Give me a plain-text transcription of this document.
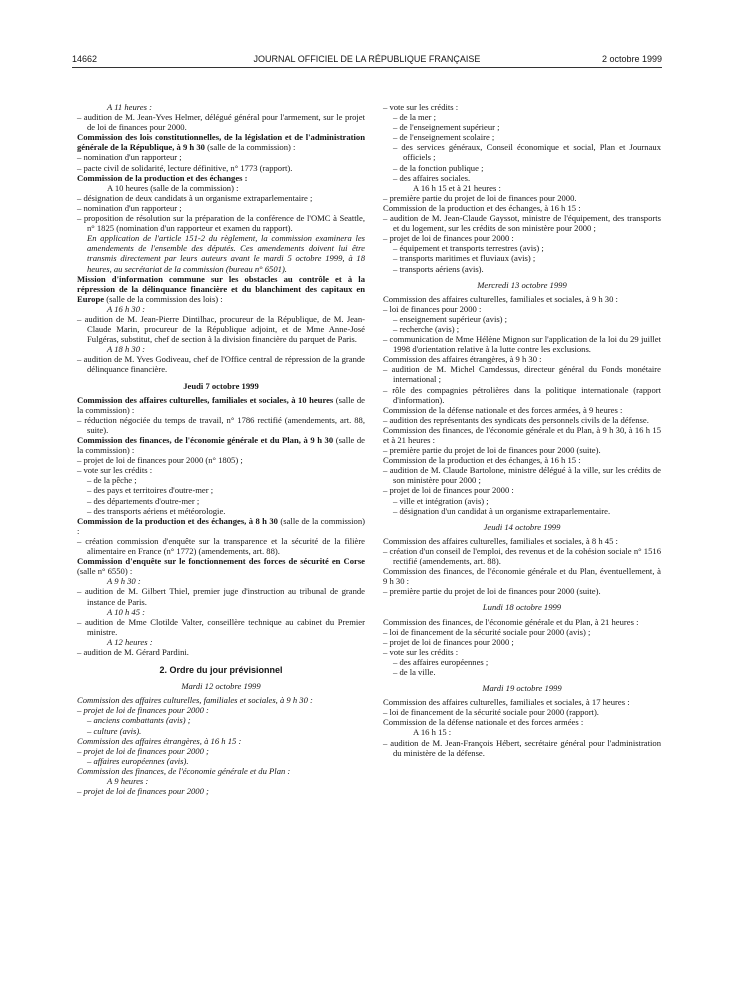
14662	JOURNAL OFFICIEL DE LA RÉPUBLIQUE FRANÇAISE	2 octobre 1999

A 11 heures :

– audition de M. Jean-Yves Helmer, délégué général pour l'armement, sur le projet de loi de finances pour 2000.

Commission des lois constitutionnelles, de la législation et de l'administration générale de la République, à 9 h 30 (salle de la commission) :

– nomination d'un rapporteur ;

– pacte civil de solidarité, lecture définitive, n° 1773 (rapport).

Commission de la production et des échanges :

A 10 heures (salle de la commission) :

– désignation de deux candidats à un organisme extraparlementaire ;

– nomination d'un rapporteur ;

– proposition de résolution sur la préparation de la conférence de l'OMC à Seattle, n° 1825 (nomination d'un rapporteur et examen du rapport).

En application de l'article 151-2 du règlement, la commission examinera les amendements de l'ensemble des députés. Ces amendements doivent lui être transmis directement par leurs auteurs avant le mardi 5 octobre 1999, à 18 heures, au secrétariat de la commission (bureau n° 6501).

Mission d'information commune sur les obstacles au contrôle et à la répression de la délinquance financière et du blanchiment des capitaux en Europe (salle de la commission des lois) :

A 16 h 30 :

– audition de M. Jean-Pierre Dintilhac, procureur de la République, de M. Jean-Claude Marin, procureur de la République adjoint, et de Mme Anne-José Fulgéras, substitut, chef de section à la division financière du parquet de Paris.

A 18 h 30 :

– audition de M. Yves Godiveau, chef de l'Office central de répression de la grande délinquance financière.

Jeudi 7 octobre 1999

Commission des affaires culturelles, familiales et sociales, à 10 heures (salle de la commission) :

– réduction négociée du temps de travail, n° 1786 rectifié (amendements, art. 88, suite).

Commission des finances, de l'économie générale et du Plan, à 9 h 30 (salle de la commission) :

– projet de loi de finances pour 2000 (n° 1805) ;

– vote sur les crédits :

– de la pêche ;

– des pays et territoires d'outre-mer ;

– des départements d'outre-mer ;

– des transports aériens et météorologie.

Commission de la production et des échanges, à 8 h 30 (salle de la commission) :

– création commission d'enquête sur la transparence et la sécurité de la filière alimentaire en France (n° 1772) (amendements, art. 88).

Commission d'enquête sur le fonctionnement des forces de sécurité en Corse (salle n° 6550) :

A 9 h 30 :

– audition de M. Gilbert Thiel, premier juge d'instruction au tribunal de grande instance de Paris.

A 10 h 45 :

– audition de Mme Clotilde Valter, conseillère technique au cabinet du Premier ministre.

A 12 heures :

– audition de M. Gérard Pardini.

2. Ordre du jour prévisionnel

Mardi 12 octobre 1999

Commission des affaires culturelles, familiales et sociales, à 9 h 30 :

– projet de loi de finances pour 2000 :

– anciens combattants (avis) ;

– culture (avis).

Commission des affaires étrangères, à 16 h 15 :

– projet de loi de finances pour 2000 ;

– affaires européennes (avis).

Commission des finances, de l'économie générale et du Plan :

A 9 heures :

– projet de loi de finances pour 2000 ;

– vote sur les crédits :

– de la mer ;

– de l'enseignement supérieur ;

– de l'enseignement scolaire ;

– des services généraux, Conseil économique et social, Plan et Journaux officiels ;

– de la fonction publique ;

– des affaires sociales.

A 16 h 15 et à 21 heures :

– première partie du projet de loi de finances pour 2000.

Commission de la production et des échanges, à 16 h 15 :

– audition de M. Jean-Claude Gayssot, ministre de l'équipement, des transports et du logement, sur les crédits de son ministère pour 2000 ;

– projet de loi de finances pour 2000 :

– équipement et transports terrestres (avis) ;

– transports maritimes et fluviaux (avis) ;

– transports aériens (avis).

Mercredi 13 octobre 1999

Commission des affaires culturelles, familiales et sociales, à 9 h 30 :

– loi de finances pour 2000 :

– enseignement supérieur (avis) ;

– recherche (avis) ;

– communication de Mme Hélène Mignon sur l'application de la loi du 29 juillet 1998 d'orientation relative à la lutte contre les exclusions.

Commission des affaires étrangères, à 9 h 30 :

– audition de M. Michel Camdessus, directeur général du Fonds monétaire international ;

– rôle des compagnies pétrolières dans la politique internationale (rapport d'information).

Commission de la défense nationale et des forces armées, à 9 heures :

– audition des représentants des syndicats des personnels civils de la défense.

Commission des finances, de l'économie générale et du Plan, à 9 h 30, à 16 h 15 et à 21 heures :

– première partie du projet de loi de finances pour 2000 (suite).

Commission de la production et des échanges, à 16 h 15 :

– audition de M. Claude Bartolone, ministre délégué à la ville, sur les crédits de son ministère pour 2000 ;

– projet de loi de finances pour 2000 :

– ville et intégration (avis) ;

– désignation d'un candidat à un organisme extraparlementaire.

Jeudi 14 octobre 1999

Commission des affaires culturelles, familiales et sociales, à 8 h 45 :

– création d'un conseil de l'emploi, des revenus et de la cohésion sociale n° 1516 rectifié (amendements, art. 88).

Commission des finances, de l'économie générale et du Plan, éventuellement, à 9 h 30 :

– première partie du projet de loi de finances pour 2000 (suite).

Lundi 18 octobre 1999

Commission des finances, de l'économie générale et du Plan, à 21 heures :

– loi de financement de la sécurité sociale pour 2000 (avis) ;

– projet de loi de finances pour 2000 ;

– vote sur les crédits :

– des affaires européennes ;

– de la ville.

Mardi 19 octobre 1999

Commission des affaires culturelles, familiales et sociales, à 17 heures :

– loi de financement de la sécurité sociale pour 2000 (rapport).

Commission de la défense nationale et des forces armées :

A 16 h 15 :

– audition de M. Jean-François Hébert, secrétaire général pour l'administration du ministère de la défense.
